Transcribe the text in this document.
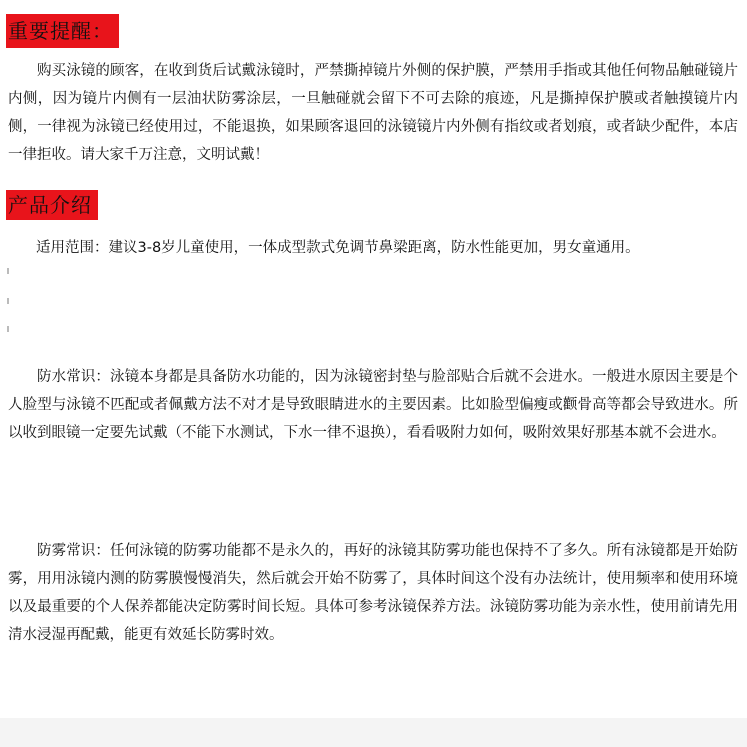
重要提醒：

购买泳镜的顾客，在收到货后试戴泳镜时，严禁撕掉镜片外侧的保护膜，严禁用手指或其他任何物品触碰镜片内侧，因为镜片内侧有一层油状防雾涂层，一旦触碰就会留下不可去除的痕迹，凡是撕掉保护膜或者触摸镜片内侧，一律视为泳镜已经使用过，不能退换，如果顾客退回的泳镜镜片内外侧有指纹或者划痕，或者缺少配件，本店一律拒收。请大家千万注意，文明试戴！

产品介绍
适用范围：建议3-8岁儿童使用，一体成型款式免调节鼻梁距离，防水性能更加，男女童通用。

防水常识：泳镜本身都是具备防水功能的，因为泳镜密封垫与脸部贴合后就不会进水。一般进水原因主要是个人脸型与泳镜不匹配或者佩戴方法不对才是导致眼睛进水的主要因素。比如脸型偏瘦或颧骨高等都会导致进水。所以收到眼镜一定要先试戴（不能下水测试，下水一律不退换），看看吸附力如何，吸附效果好那基本就不会进水。

防雾常识：任何泳镜的防雾功能都不是永久的，再好的泳镜其防雾功能也保持不了多久。所有泳镜都是开始防雾，用用泳镜内测的防雾膜慢慢消失，然后就会开始不防雾了，具体时间这个没有办法统计，使用频率和使用环境以及最重要的个人保养都能决定防雾时间长短。具体可参考泳镜保养方法。泳镜防雾功能为亲水性，使用前请先用清水浸湿再配戴，能更有效延长防雾时效。
